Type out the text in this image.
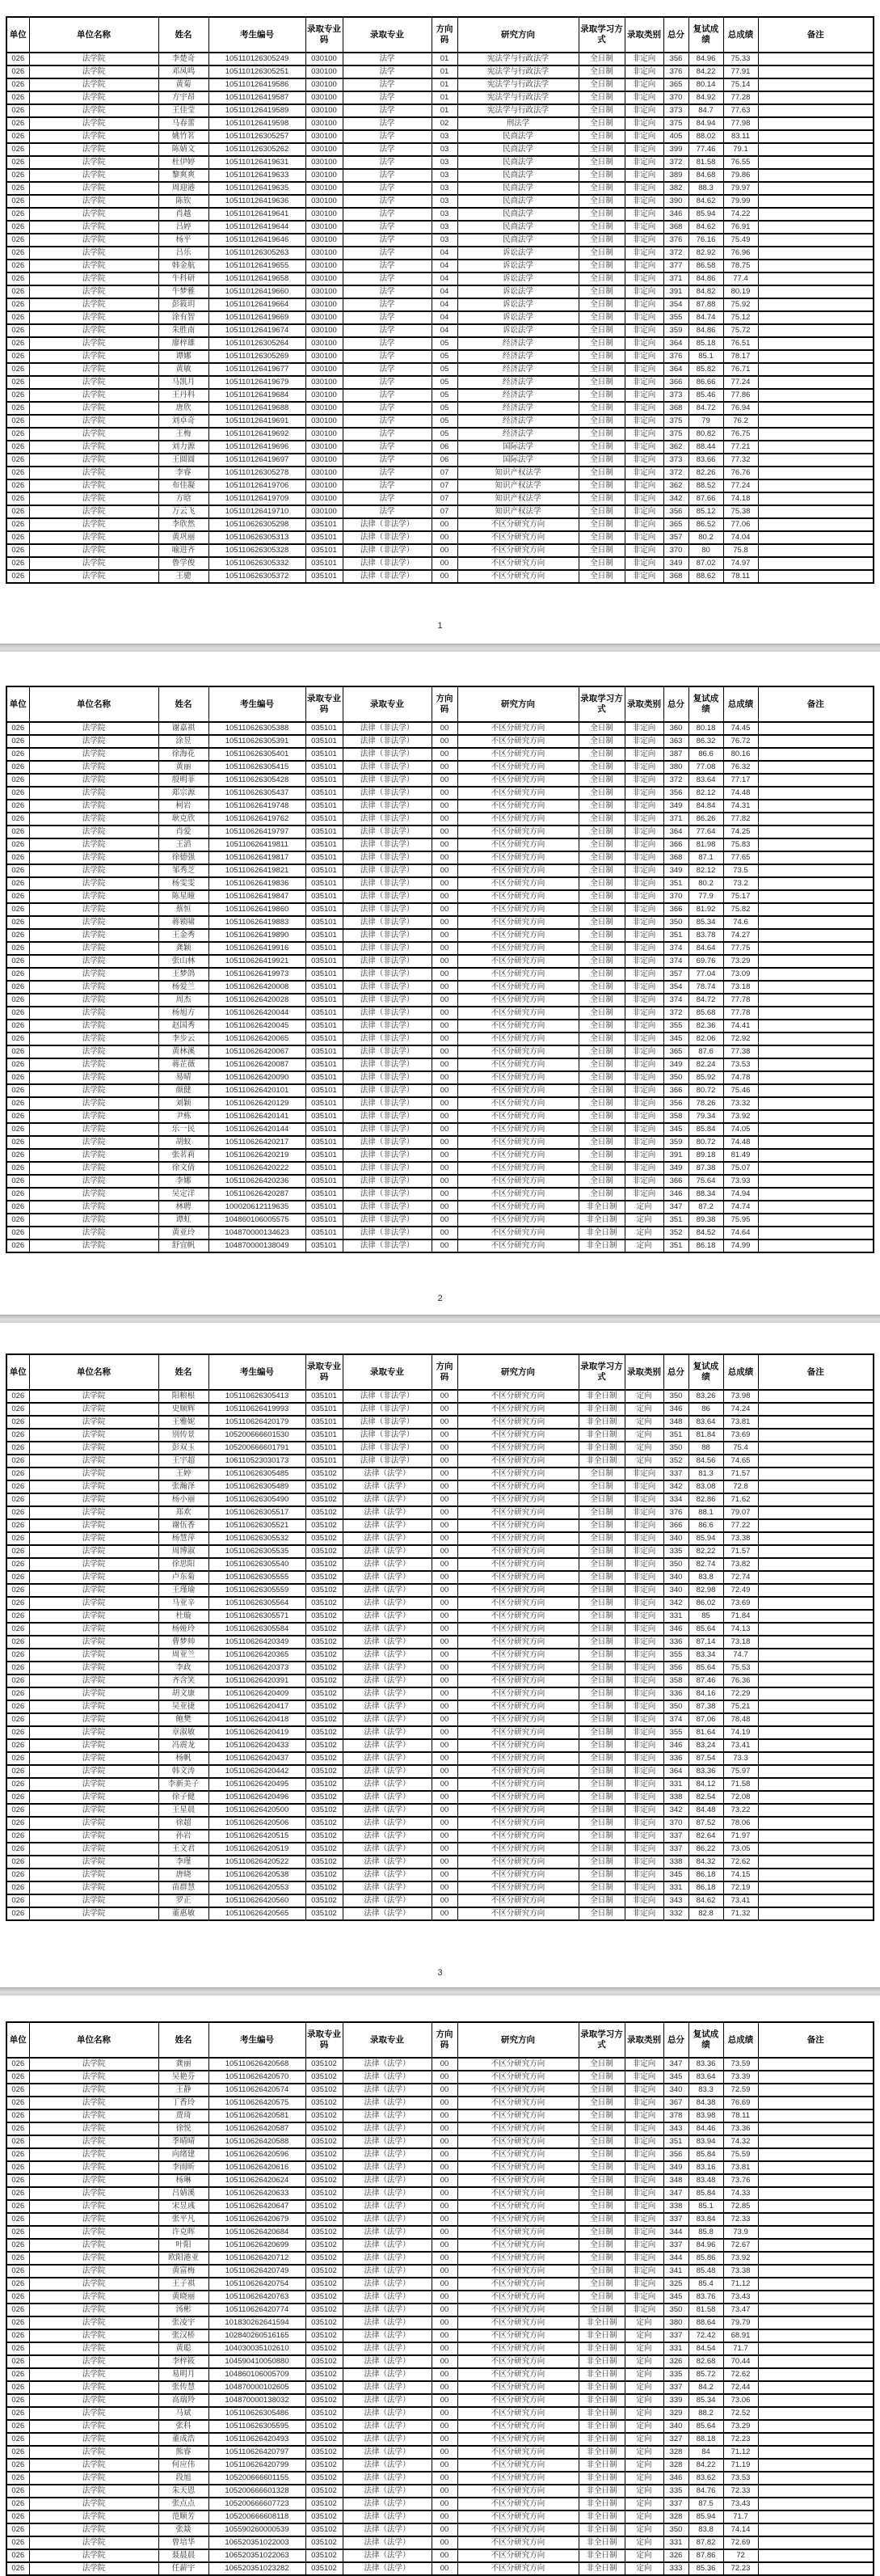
单位	单位名称	姓名	考生编号	录取专业码	录取专业	方向码	研究方向	录取学习方式	录取类别	总分	复试成绩	总成绩	备注
026	法学院	李楚奇	105110126305249	030100	法学	01	宪法学与行政法学	全日制	非定向	356	84.96	75.33	
026	法学院	邓凤鸣	105110126305251	030100	法学	01	宪法学与行政法学	全日制	非定向	376	84.22	77.91	
026	法学院	黄菊	105110126419586	030100	法学	01	宪法学与行政法学	全日制	非定向	365	80.14	75.14	
026	法学院	方宇昂	105110126419587	030100	法学	01	宪法学与行政法学	全日制	非定向	370	84.92	77.28	
026	法学院	王佳莹	105110126419589	030100	法学	01	宪法学与行政法学	全日制	非定向	373	84.7	77.63	
026	法学院	马春蕾	105110126419598	030100	法学	02	刑法学	全日制	非定向	375	84.94	77.98	
026	法学院	姚竹茗	105110126305257	030100	法学	03	民商法学	全日制	非定向	405	88.02	83.11	
026	法学院	陈婧文	105110126305262	030100	法学	03	民商法学	全日制	非定向	399	77.46	79.1	
026	法学院	杜伊婷	105110126419631	030100	法学	03	民商法学	全日制	非定向	372	81.58	76.55	
026	法学院	黎爽爽	105110126419633	030100	法学	03	民商法学	全日制	非定向	389	84.68	79.86	
026	法学院	周迎港	105110126419635	030100	法学	03	民商法学	全日制	非定向	382	88.3	79.97	
026	法学院	陈钦	105110126419636	030100	法学	03	民商法学	全日制	非定向	390	84.62	79.99	
026	法学院	肖越	105110126419641	030100	法学	03	民商法学	全日制	非定向	346	85.94	74.22	
026	法学院	吕婷	105110126419644	030100	法学	03	民商法学	全日制	非定向	368	84.62	76.91	
026	法学院	杨平	105110126419646	030100	法学	03	民商法学	全日制	非定向	376	76.16	75.49	
026	法学院	吕乐	105110126305263	030100	法学	04	诉讼法学	全日制	非定向	372	82.92	76.96	
026	法学院	韩金航	105110126419655	030100	法学	04	诉讼法学	全日制	非定向	377	86.58	78.75	
026	法学院	牛科研	105110126419658	030100	法学	04	诉讼法学	全日制	非定向	371	84.86	77.4	
026	法学院	牛梦雅	105110126419660	030100	法学	04	诉讼法学	全日制	非定向	391	84.82	80.19	
026	法学院	彭筱玥	105110126419664	030100	法学	04	诉讼法学	全日制	非定向	354	87.88	75.92	
026	法学院	涂有智	105110126419669	030100	法学	04	诉讼法学	全日制	非定向	355	84.74	75.12	
026	法学院	朱胜南	105110126419674	030100	法学	04	诉讼法学	全日制	非定向	359	84.86	75.72	
026	法学院	廖梓雄	105110126305264	030100	法学	05	经济法学	全日制	非定向	364	85.18	76.51	
026	法学院	谭娜	105110126305269	030100	法学	05	经济法学	全日制	非定向	376	85.1	78.17	
026	法学院	黄敏	105110126419677	030100	法学	05	经济法学	全日制	非定向	364	85.82	76.71	
026	法学院	马凯月	105110126419679	030100	法学	05	经济法学	全日制	非定向	366	86.66	77.24	
026	法学院	王丹科	105110126419684	030100	法学	05	经济法学	全日制	非定向	373	85.46	77.86	
026	法学院	唐欣	105110126419688	030100	法学	05	经济法学	全日制	非定向	368	84.72	76.94	
026	法学院	刘卓奇	105110126419691	030100	法学	05	经济法学	全日制	非定向	375	79	76.2	
026	法学院	王梅	105110126419692	030100	法学	05	经济法学	全日制	非定向	375	80.82	76.75	
026	法学院	刘力源	105110126419696	030100	法学	06	国际法学	全日制	非定向	362	88.44	77.21	
026	法学院	王圆圆	105110126419697	030100	法学	06	国际法学	全日制	非定向	373	83.66	77.32	
026	法学院	李睿	105110126305278	030100	法学	07	知识产权法学	全日制	非定向	372	82.26	76.76	
026	法学院	布佳凝	105110126419706	030100	法学	07	知识产权法学	全日制	非定向	362	88.52	77.24	
026	法学院	方晗	105110126419709	030100	法学	07	知识产权法学	全日制	非定向	342	87.66	74.18	
026	法学院	万云飞	105110126419710	030100	法学	07	知识产权法学	全日制	非定向	356	85.12	75.38	
026	法学院	李欣然	105110626305298	035101	法律（非法学）	00	不区分研究方向	全日制	非定向	365	86.52	77.06	
026	法学院	黄巩丽	105110626305313	035101	法律（非法学）	00	不区分研究方向	全日制	非定向	357	80.2	74.04	
026	法学院	喻进齐	105110626305328	035101	法律（非法学）	00	不区分研究方向	全日制	非定向	370	80	75.8	
026	法学院	鲁学俊	105110626305332	035101	法律（非法学）	00	不区分研究方向	全日制	非定向	349	87.02	74.97	
026	法学院	王骢	105110626305372	035101	法律（非法学）	00	不区分研究方向	全日制	非定向	368	88.62	78.11	
1
单位	单位名称	姓名	考生编号	录取专业码	录取专业	方向码	研究方向	录取学习方式	录取类别	总分	复试成绩	总成绩	备注
026	法学院	谢嘉祺	105110626305388	035101	法律（非法学）	00	不区分研究方向	全日制	非定向	360	80.18	74.45	
026	法学院	涂昱	105110626305391	035101	法律（非法学）	00	不区分研究方向	全日制	非定向	363	86.32	76.72	
026	法学院	徐海花	105110626305401	035101	法律（非法学）	00	不区分研究方向	全日制	非定向	387	86.6	80.16	
026	法学院	黄丽	105110626305415	035101	法律（非法学）	00	不区分研究方向	全日制	非定向	380	77.08	76.32	
026	法学院	殷明菲	105110626305428	035101	法律（非法学）	00	不区分研究方向	全日制	非定向	372	83.64	77.17	
026	法学院	郑宗源	105110626305437	035101	法律（非法学）	00	不区分研究方向	全日制	非定向	356	82.12	74.48	
026	法学院	柯岩	105110626419748	035101	法律（非法学）	00	不区分研究方向	全日制	非定向	349	84.84	74.31	
026	法学院	耿克欣	105110626419762	035101	法律（非法学）	00	不区分研究方向	全日制	非定向	371	86.26	77.82	
026	法学院	肖爱	105110626419797	035101	法律（非法学）	00	不区分研究方向	全日制	非定向	364	77.64	74.25	
026	法学院	王滔	105110626419811	035101	法律（非法学）	00	不区分研究方向	全日制	非定向	366	81.98	75.83	
026	法学院	徐德强	105110626419817	035101	法律（非法学）	00	不区分研究方向	全日制	非定向	368	87.1	77.65	
026	法学院	邹秀芝	105110626419821	035101	法律（非法学）	00	不区分研究方向	全日制	非定向	349	82.12	73.5	
026	法学院	杨雯雯	105110626419836	035101	法律（非法学）	00	不区分研究方向	全日制	非定向	351	80.2	73.2	
026	法学院	陈星曈	105110626419847	035101	法律（非法学）	00	不区分研究方向	全日制	非定向	370	77.9	75.17	
026	法学院	蔡恒	105110626419860	035101	法律（非法学）	00	不区分研究方向	全日制	非定向	366	81.92	75.82	
026	法学院	蒋锁啸	105110626419883	035101	法律（非法学）	00	不区分研究方向	全日制	非定向	350	85.34	74.6	
026	法学院	王金秀	105110626419890	035101	法律（非法学）	00	不区分研究方向	全日制	非定向	351	83.78	74.27	
026	法学院	龚颖	105110626419916	035101	法律（非法学）	00	不区分研究方向	全日制	非定向	374	84.64	77.75	
026	法学院	张山林	105110626419921	035101	法律（非法学）	00	不区分研究方向	全日制	非定向	374	69.76	73.29	
026	法学院	王梦鸽	105110626419973	035101	法律（非法学）	00	不区分研究方向	全日制	非定向	357	77.04	73.09	
026	法学院	杨爱兰	105110626420008	035101	法律（非法学）	00	不区分研究方向	全日制	非定向	354	78.74	73.18	
026	法学院	周杰	105110626420028	035101	法律（非法学）	00	不区分研究方向	全日制	非定向	374	84.72	77.78	
026	法学院	杨旭方	105110626420044	035101	法律（非法学）	00	不区分研究方向	全日制	非定向	372	85.68	77.78	
026	法学院	赵国秀	105110626420045	035101	法律（非法学）	00	不区分研究方向	全日制	非定向	355	82.36	74.41	
026	法学院	李步云	105110626420065	035101	法律（非法学）	00	不区分研究方向	全日制	非定向	345	82.06	72.92	
026	法学院	黄林溪	105110626420067	035101	法律（非法学）	00	不区分研究方向	全日制	非定向	365	87.6	77.38	
026	法学院	蒋芷薇	105110626420087	035101	法律（非法学）	00	不区分研究方向	全日制	非定向	349	82.24	73.53	
026	法学院	易晴	105110626420090	035101	法律（非法学）	00	不区分研究方向	全日制	非定向	350	85.92	74.78	
026	法学院	颜健	105110626420101	035101	法律（非法学）	00	不区分研究方向	全日制	非定向	366	80.72	75.46	
026	法学院	刘颖	105110626420129	035101	法律（非法学）	00	不区分研究方向	全日制	非定向	356	78.26	73.32	
026	法学院	尹栋	105110626420141	035101	法律（非法学）	00	不区分研究方向	全日制	非定向	358	79.34	73.92	
026	法学院	乐一民	105110626420144	035101	法律（非法学）	00	不区分研究方向	全日制	非定向	345	85.84	74.05	
026	法学院	胡蚊	105110626420217	035101	法律（非法学）	00	不区分研究方向	全日制	非定向	359	80.72	74.48	
026	法学院	张茗莉	105110626420219	035101	法律（非法学）	00	不区分研究方向	全日制	非定向	391	89.18	81.49	
026	法学院	徐文倩	105110626420222	035101	法律（非法学）	00	不区分研究方向	全日制	非定向	349	87.38	75.07	
026	法学院	李娜	105110626420236	035101	法律（非法学）	00	不区分研究方向	全日制	非定向	366	75.64	73.93	
026	法学院	吴定洋	105110626420287	035101	法律（非法学）	00	不区分研究方向	全日制	非定向	346	88.34	74.94	
026	法学院	林聘	100020612119635	035101	法律（非法学）	00	不区分研究方向	非全日制	定向	347	87.2	74.74	
026	法学院	谭虹	104860106005575	035101	法律（非法学）	00	不区分研究方向	非全日制	定向	351	89.38	75.95	
026	法学院	黄亚玲	104870000134623	035101	法律（非法学）	00	不区分研究方向	非全日制	定向	352	84.52	74.64	
026	法学院	舒宜帆	104870000138049	035101	法律（非法学）	00	不区分研究方向	非全日制	定向	351	86.18	74.99	
2
单位	单位名称	姓名	考生编号	录取专业码	录取专业	方向码	研究方向	录取学习方式	录取类别	总分	复试成绩	总成绩	备注
026	法学院	阳粮根	105110626305413	035101	法律（非法学）	00	不区分研究方向	非全日制	定向	350	83.26	73.98	
026	法学院	史顺辉	105110626419993	035101	法律（非法学）	00	不区分研究方向	非全日制	定向	346	86	74.24	
026	法学院	王雅妮	105110626420179	035101	法律（非法学）	00	不区分研究方向	非全日制	定向	348	83.64	73.81	
026	法学院	别传景	105200666601530	035101	法律（非法学）	00	不区分研究方向	非全日制	定向	351	81.84	73.69	
026	法学院	彭双玉	105200666601791	035101	法律（非法学）	00	不区分研究方向	非全日制	定向	350	88	75.4	
026	法学院	王宇超	106110523030173	035101	法律（非法学）	00	不区分研究方向	非全日制	定向	352	84.56	74.65	
026	法学院	王婷	105110626305485	035102	法律（法学）	00	不区分研究方向	全日制	非定向	337	81.3	71.57	
026	法学院	张瀚泽	105110626305489	035102	法律（法学）	00	不区分研究方向	全日制	非定向	342	83.08	72.8	
026	法学院	杨小丽	105110626305490	035102	法律（法学）	00	不区分研究方向	全日制	非定向	334	82.86	71.62	
026	法学院	郑欢	105110626305517	035102	法律（法学）	00	不区分研究方向	全日制	非定向	376	88.1	79.07	
026	法学院	谢伍香	105110626305521	035102	法律（法学）	00	不区分研究方向	全日制	非定向	366	86.6	77.22	
026	法学院	杨慧萍	105110626305532	035102	法律（法学）	00	不区分研究方向	全日制	非定向	340	85.94	73.38	
026	法学院	周博淑	105110626305535	035102	法律（法学）	00	不区分研究方向	全日制	非定向	335	82.22	71.57	
026	法学院	徐思阳	105110626305540	035102	法律（法学）	00	不区分研究方向	全日制	非定向	350	82.74	73.82	
026	法学院	卢东菊	105110626305555	035102	法律（法学）	00	不区分研究方向	全日制	非定向	340	83.8	72.74	
026	法学院	王瑾瑜	105110626305559	035102	法律（法学）	00	不区分研究方向	全日制	非定向	340	82.98	72.49	
026	法学院	马亚辛	105110626305564	035102	法律（法学）	00	不区分研究方向	全日制	非定向	342	86.02	73.69	
026	法学院	杜璇	105110626305571	035102	法律（法学）	00	不区分研究方向	全日制	非定向	331	85	71.84	
026	法学院	杨娅玲	105110626305584	035102	法律（法学）	00	不区分研究方向	全日制	非定向	346	85.64	74.13	
026	法学院	曹梦帅	105110626420349	035102	法律（法学）	00	不区分研究方向	全日制	非定向	336	87.14	73.18	
026	法学院	周亚兰	105110626420365	035102	法律（法学）	00	不区分研究方向	全日制	非定向	355	83.34	74.7	
026	法学院	李政	105110626420373	035102	法律（法学）	00	不区分研究方向	全日制	非定向	356	85.64	75.53	
026	法学院	齐含笑	105110626420391	035102	法律（法学）	00	不区分研究方向	全日制	非定向	358	87.46	76.36	
026	法学院	胡文康	105110626420409	035102	法律（法学）	00	不区分研究方向	全日制	非定向	336	84.16	72.29	
026	法学院	吴亚捷	105110626420417	035102	法律（法学）	00	不区分研究方向	全日制	非定向	350	87.38	75.21	
026	法学院	鲍樊	105110626420418	035102	法律（法学）	00	不区分研究方向	全日制	非定向	374	87.06	78.48	
026	法学院	章淑敏	105110626420419	035102	法律（法学）	00	不区分研究方向	全日制	非定向	355	81.64	74.19	
026	法学院	冯震龙	105110626420433	035102	法律（法学）	00	不区分研究方向	全日制	非定向	346	83.24	73.41	
026	法学院	杨帆	105110626420437	035102	法律（法学）	00	不区分研究方向	全日制	非定向	336	87.54	73.3	
026	法学院	韩文涛	105110626420442	035102	法律（法学）	00	不区分研究方向	全日制	非定向	364	83.36	75.97	
026	法学院	李新美子	105110626420495	035102	法律（法学）	00	不区分研究方向	全日制	非定向	331	84.12	71.58	
026	法学院	徐子健	105110626420496	035102	法律（法学）	00	不区分研究方向	全日制	非定向	338	82.54	72.08	
026	法学院	王星晨	105110626420500	035102	法律（法学）	00	不区分研究方向	全日制	非定向	342	84.48	73.22	
026	法学院	徐超	105110626420506	035102	法律（法学）	00	不区分研究方向	全日制	非定向	370	87.52	78.06	
026	法学院	孙岩	105110626420515	035102	法律（法学）	00	不区分研究方向	全日制	非定向	337	82.64	71.97	
026	法学院	王文君	105110626420519	035102	法律（法学）	00	不区分研究方向	全日制	非定向	337	86.22	73.05	
026	法学院	李瑾	105110626420522	035102	法律（法学）	00	不区分研究方向	全日制	非定向	338	84.32	72.62	
026	法学院	唐晓	105110626420538	035102	法律（法学）	00	不区分研究方向	全日制	非定向	345	86.18	74.15	
026	法学院	苗群慧	105110626420553	035102	法律（法学）	00	不区分研究方向	全日制	非定向	331	86.18	72.19	
026	法学院	罗正	105110626420560	035102	法律（法学）	00	不区分研究方向	全日制	非定向	343	84.62	73.41	
026	法学院	董惠敏	105110626420565	035102	法律（法学）	00	不区分研究方向	全日制	非定向	332	82.8	71.32	
3
单位	单位名称	姓名	考生编号	录取专业码	录取专业	方向码	研究方向	录取学习方式	录取类别	总分	复试成绩	总成绩	备注
026	法学院	龚丽	105110626420568	035102	法律（法学）	00	不区分研究方向	全日制	非定向	347	83.36	73.59	
026	法学院	吴艳芬	105110626420570	035102	法律（法学）	00	不区分研究方向	全日制	非定向	345	83.64	73.39	
026	法学院	王静	105110626420574	035102	法律（法学）	00	不区分研究方向	全日制	非定向	340	83.3	72.59	
026	法学院	丁香玲	105110626420575	035102	法律（法学）	00	不区分研究方向	全日制	非定向	367	84.38	76.69	
026	法学院	贾琦	105110626420581	035102	法律（法学）	00	不区分研究方向	全日制	非定向	378	83.98	78.11	
026	法学院	徐悦	105110626420587	035102	法律（法学）	00	不区分研究方向	全日制	非定向	343	84.46	73.36	
026	法学院	季晴晴	105110626420588	035102	法律（法学）	00	不区分研究方向	全日制	非定向	351	83.94	74.32	
026	法学院	向绪建	105110626420596	035102	法律（法学）	00	不区分研究方向	全日制	非定向	356	85.84	75.59	
026	法学院	李雨昕	105110626420616	035102	法律（法学）	00	不区分研究方向	全日制	非定向	349	83.16	73.81	
026	法学院	杨琳	105110626420624	035102	法律（法学）	00	不区分研究方向	全日制	非定向	348	83.48	73.76	
026	法学院	吕婧溪	105110626420633	035102	法律（法学）	00	不区分研究方向	全日制	非定向	347	85.84	74.33	
026	法学院	宋昱彧	105110626420647	035102	法律（法学）	00	不区分研究方向	全日制	非定向	338	85.1	72.85	
026	法学院	张平凡	105110626420679	035102	法律（法学）	00	不区分研究方向	全日制	非定向	337	83.84	72.33	
026	法学院	许克晖	105110626420684	035102	法律（法学）	00	不区分研究方向	全日制	非定向	344	85.8	73.9	
026	法学院	叶阳	105110626420699	035102	法律（法学）	00	不区分研究方向	全日制	非定向	337	84.96	72.67	
026	法学院	欧阳港亚	105110626420712	035102	法律（法学）	00	不区分研究方向	全日制	非定向	344	85.86	73.92	
026	法学院	黄富梅	105110626420749	035102	法律（法学）	00	不区分研究方向	全日制	非定向	341	85.48	73.38	
026	法学院	王子祺	105110626420754	035102	法律（法学）	00	不区分研究方向	全日制	非定向	325	85.4	71.12	
026	法学院	黄晓丽	105110626420763	035102	法律（法学）	00	不区分研究方向	全日制	非定向	345	83.76	73.43	
026	法学院	汤彬	105110626420774	035102	法律（法学）	00	不区分研究方向	全日制	非定向	350	81.58	73.47	
026	法学院	张凌宇	101830262641594	035102	法律（法学）	00	不区分研究方向	非全日制	定向	380	88.64	79.79	
026	法学院	张汉桥	102840260516165	035102	法律（法学）	00	不区分研究方向	非全日制	定向	337	72.42	68.91	
026	法学院	黄聪	104030035102610	035102	法律（法学）	00	不区分研究方向	非全日制	定向	331	84.54	71.7	
026	法学院	李梓筱	104590410050880	035102	法律（法学）	00	不区分研究方向	非全日制	定向	326	82.68	70.44	
026	法学院	易明月	104860106005709	035102	法律（法学）	00	不区分研究方向	非全日制	定向	335	85.72	72.62	
026	法学院	张传慧	104870000102605	035102	法律（法学）	00	不区分研究方向	非全日制	定向	337	84.2	72.44	
026	法学院	高瑞羚	104870000138032	035102	法律（法学）	00	不区分研究方向	非全日制	定向	339	85.34	73.06	
026	法学院	马斌	105110626305486	035102	法律（法学）	00	不区分研究方向	非全日制	定向	329	88.2	72.52	
026	法学院	张科	105110626305595	035102	法律（法学）	00	不区分研究方向	非全日制	定向	340	85.64	73.29	
026	法学院	董成浩	105110626420493	035102	法律（法学）	00	不区分研究方向	非全日制	定向	327	88.18	72.23	
026	法学院	熊睿	105110626420797	035102	法律（法学）	00	不区分研究方向	非全日制	定向	328	84	71.12	
026	法学院	何应伟	105110626420799	035102	法律（法学）	00	不区分研究方向	非全日制	定向	328	84.22	71.19	
026	法学院	段旭	105200666601155	035102	法律（法学）	00	不区分研究方向	非全日制	定向	346	83.62	73.53	
026	法学院	朱天恩	105200666601328	035102	法律（法学）	00	不区分研究方向	非全日制	定向	335	84.76	72.33	
026	法学院	张点点	105200666607723	035102	法律（法学）	00	不区分研究方向	非全日制	定向	337	87.5	73.43	
026	法学院	范顺芳	105200666608118	035102	法律（法学）	00	不区分研究方向	非全日制	定向	328	85.94	71.7	
026	法学院	张燚	105590260000539	035102	法律（法学）	00	不区分研究方向	非全日制	定向	350	83.8	74.14	
026	法学院	曾培华	106520351022003	035102	法律（法学）	00	不区分研究方向	非全日制	定向	331	87.82	72.69	
026	法学院	聂晨晨	106520351022063	035102	法律（法学）	00	不区分研究方向	非全日制	定向	326	87.86	72	
026	法学院	任薪宇	106520351023282	035102	法律（法学）	00	不区分研究方向	非全日制	定向	333	85.36	72.23	
